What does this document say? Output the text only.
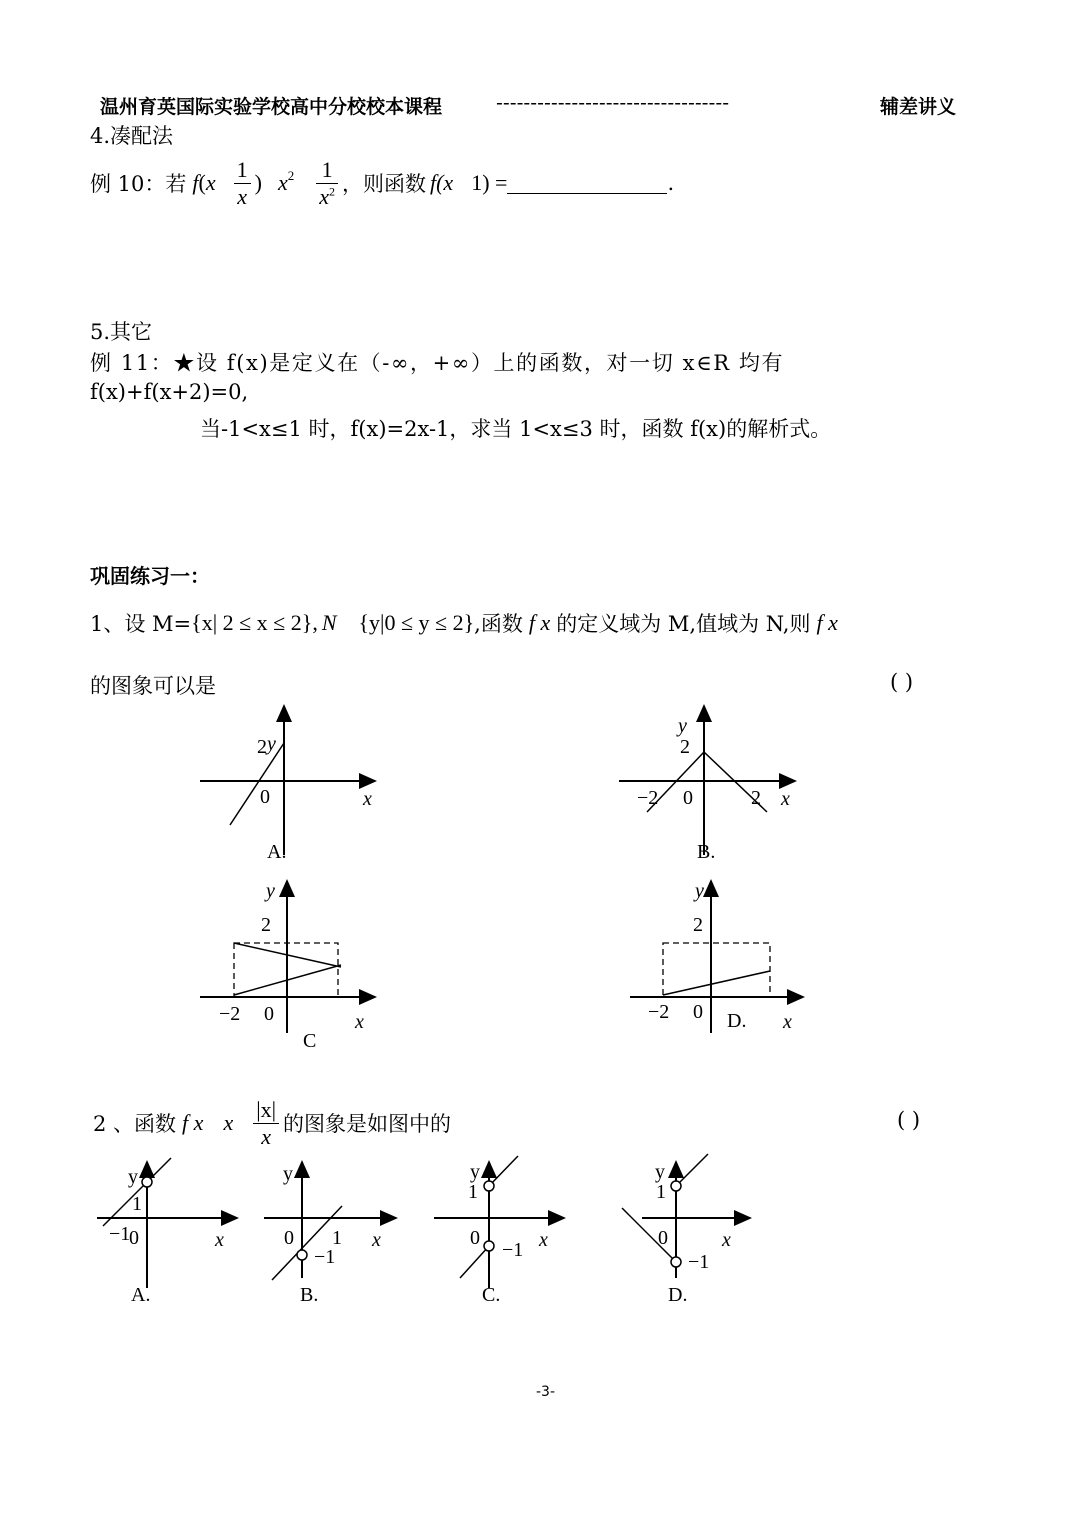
温州育英国际实验学校高中分校校本课程	----------------------------------	辅差讲义
4.凑配法
例 10：若 f ( x $\frac{1}{x}$ ) $x^2 \frac{1}{x^2}$ ，则函数 f (x 1) =	.
5.其它
例 11：★设 f(x)是定义在（-∞，+∞）上的函数，对一切 x∈R 均有
f(x)+f(x+2)=0,
当-1<x≤1 时，f(x)=2x-1，求当 1<x≤3 时，函数 f(x)的解析式。
巩固练习一：
1、设 M= {x| 2 ≤ x ≤ 2}, N {y|0 ≤ y ≤ 2} ,函数 f x 的定义域为 M,值域为 N,则 f x
的图象可以是	( )
2 y
0	x
A.
y
2
−2 0	2 x
B.
y
2
−2 0	x
C
y
2
−2 0 D. x
2 、函数 f x x $\frac{|x|}{x}$ 的图象是如图中的	( )
y
1
−1
0	x
A.
y
0 1
−1
x
B.
y
1
0
−1 x
C.
y
1
0
−1
x
D.
-3-
